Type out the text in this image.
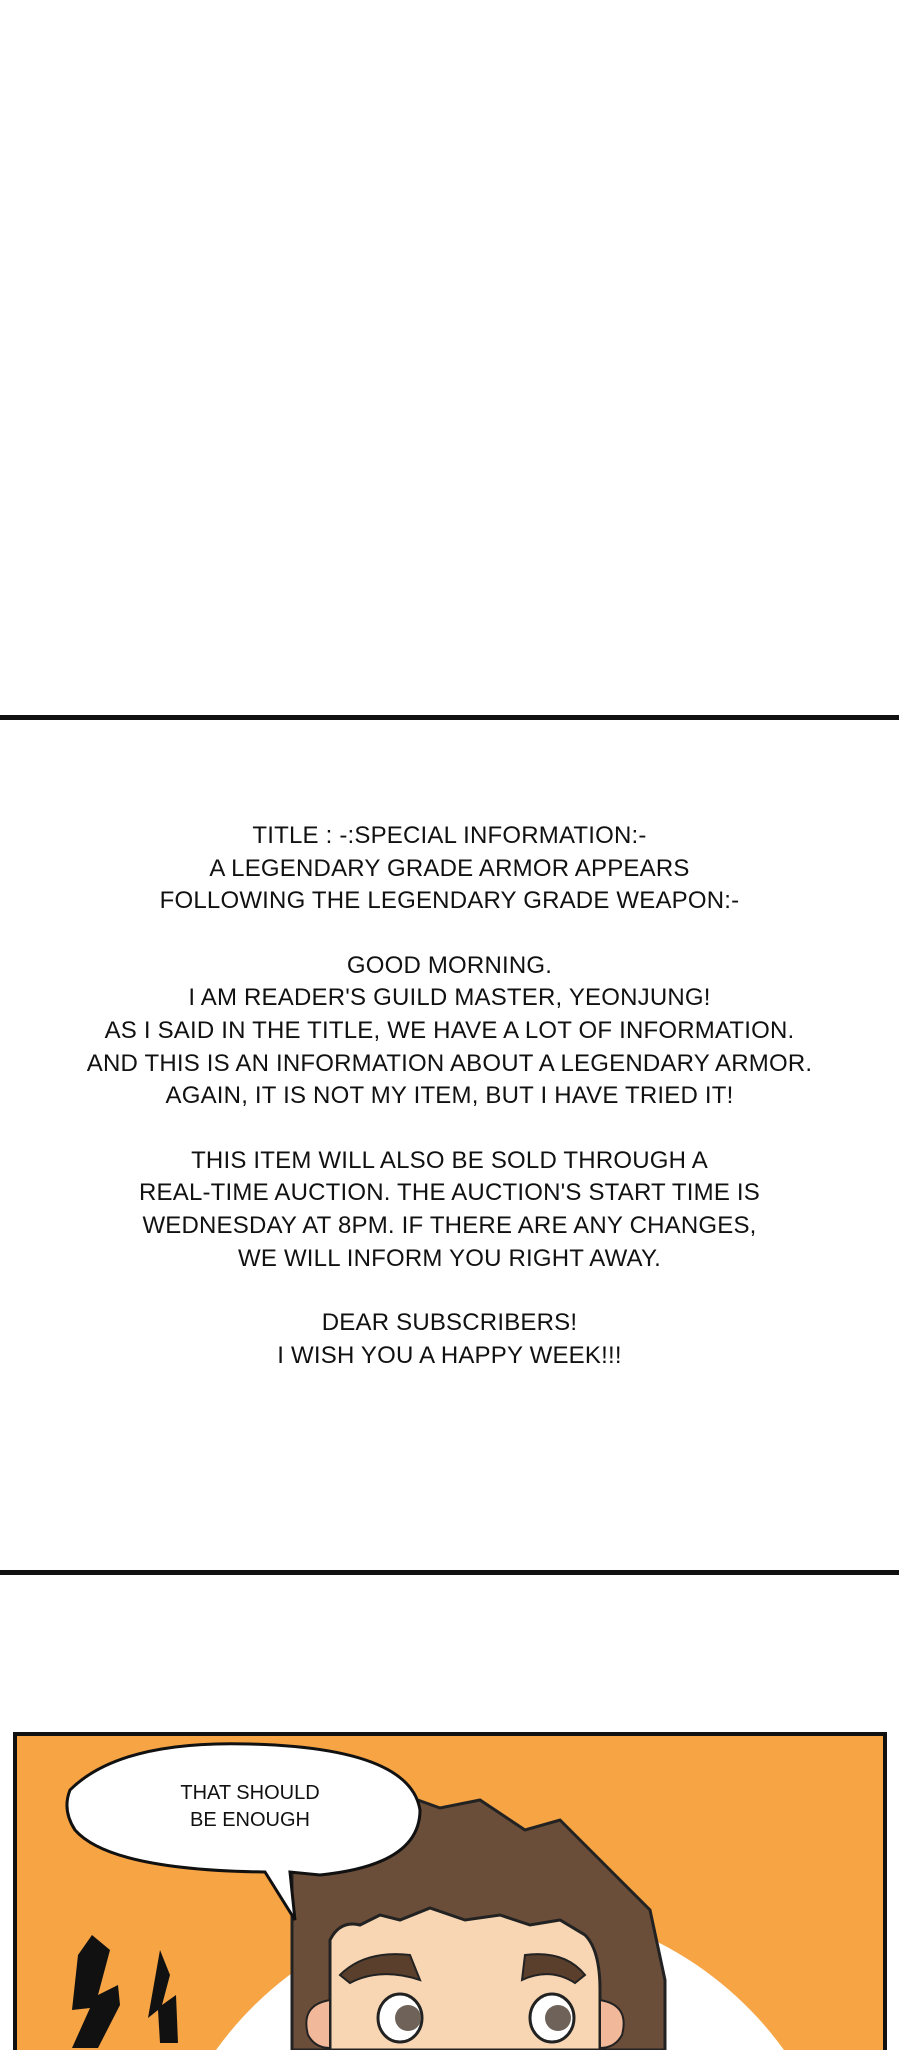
TITLE : -:SPECIAL INFORMATION:-
A LEGENDARY GRADE ARMOR APPEARS
FOLLOWING THE LEGENDARY GRADE WEAPON:-
GOOD MORNING.
I AM READER'S GUILD MASTER, YEONJUNG!
AS I SAID IN THE TITLE, WE HAVE A LOT OF INFORMATION.
AND THIS IS AN INFORMATION ABOUT A LEGENDARY ARMOR.
AGAIN, IT IS NOT MY ITEM, BUT I HAVE TRIED IT!
THIS ITEM WILL ALSO BE SOLD THROUGH A
REAL-TIME AUCTION. THE AUCTION'S START TIME IS
WEDNESDAY AT 8PM. IF THERE ARE ANY CHANGES,
WE WILL INFORM YOU RIGHT AWAY.
DEAR SUBSCRIBERS!
I WISH YOU A HAPPY WEEK!!!
THAT SHOULD
BE ENOUGH
